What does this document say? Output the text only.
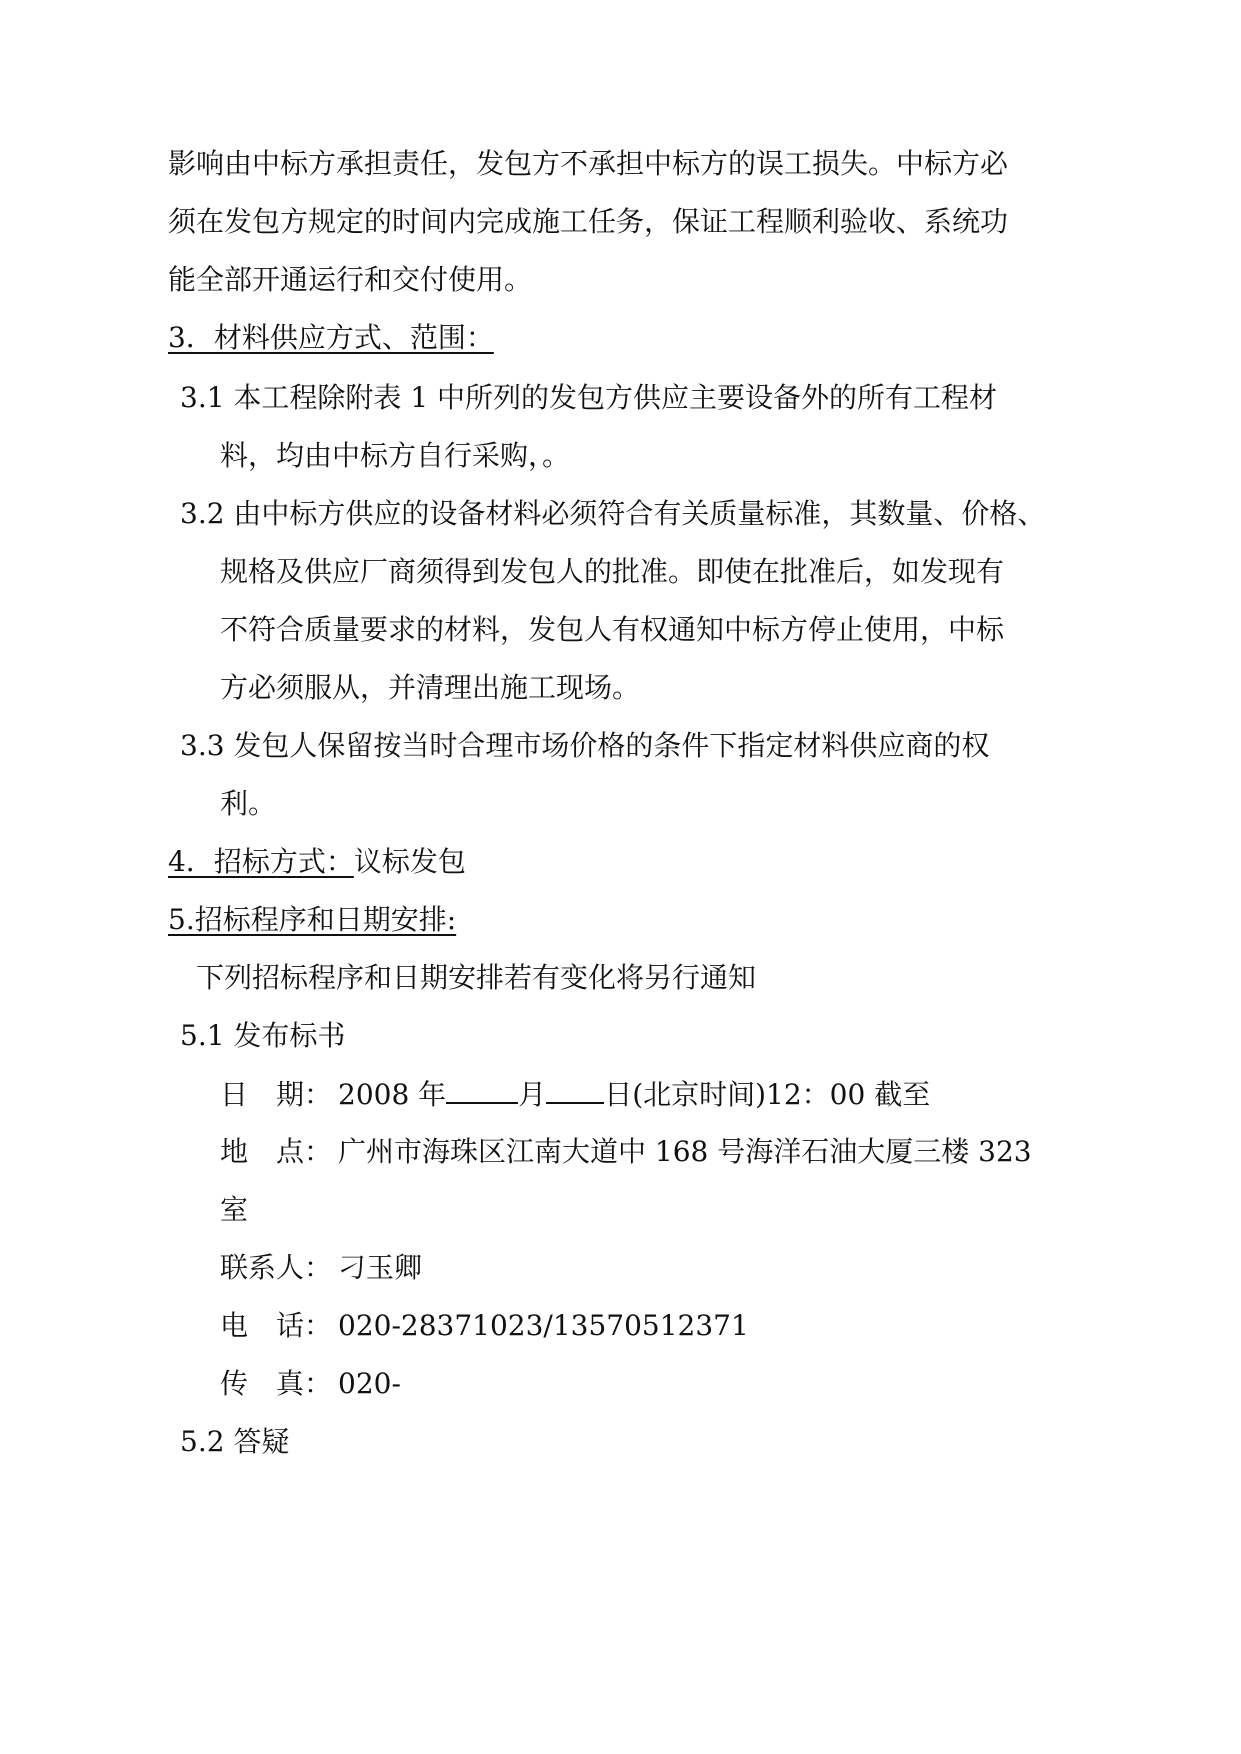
影响由中标方承担责任，发包方不承担中标方的误工损失。中标方必
须在发包方规定的时间内完成施工任务，保证工程顺利验收、系统功
能全部开通运行和交付使用。
3．材料供应方式、范围：
3.1 本工程除附表 1 中所列的发包方供应主要设备外的所有工程材
料，均由中标方自行采购，。
3.2 由中标方供应的设备材料必须符合有关质量标准，其数量、价格、
规格及供应厂商须得到发包人的批准。即使在批准后，如发现有
不符合质量要求的材料，发包人有权通知中标方停止使用，中标
方必须服从，并清理出施工现场。
3.3 发包人保留按当时合理市场价格的条件下指定材料供应商的权
利。
4．招标方式：议标发包
5.招标程序和日期安排:
下列招标程序和日期安排若有变化将另行通知
5.1 发布标书
日　期： 2008 年	月 日(北京时间)12：00 截至
地　点： 广州市海珠区江南大道中 168 号海洋石油大厦三楼 323
室
联系人： 刁玉卿
电　话： 020-28371023/13570512371
传　真： 020-
5.2 答疑
